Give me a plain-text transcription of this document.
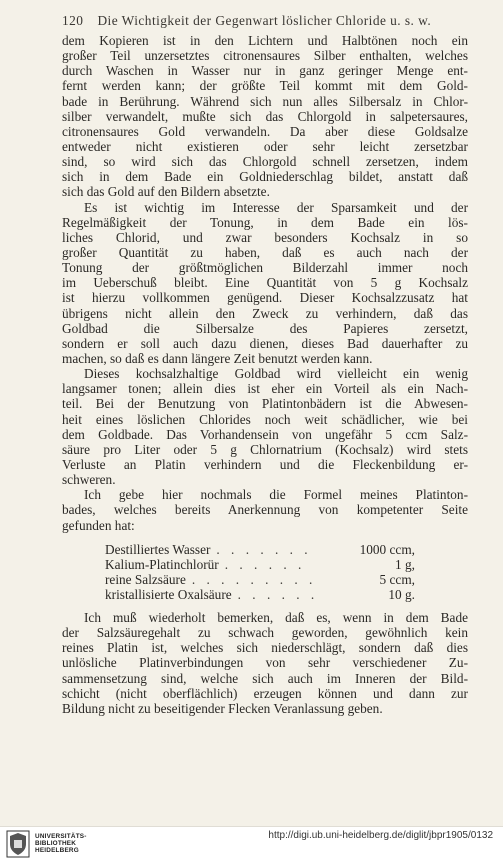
120 Die Wichtigkeit der Gegenwart löslicher Chloride u. s. w.
dem Kopieren ist in den Lichtern und Halbtönen noch ein
großer Teil unzersetztes citronensaures Silber enthalten, welches
durch Waschen in Wasser nur in ganz geringer Menge ent-
fernt werden kann; der größte Teil kommt mit dem Gold-
bade in Berührung. Während sich nun alles Silbersalz in Chlor-
silber verwandelt, mußte sich das Chlorgold in salpetersaures,
citronensaures Gold verwandeln. Da aber diese Goldsalze
entweder nicht existieren oder sehr leicht zersetzbar
sind, so wird sich das Chlorgold schnell zersetzen, indem
sich in dem Bade ein Goldniederschlag bildet, anstatt daß
sich das Gold auf den Bildern absetzte.
Es ist wichtig im Interesse der Sparsamkeit und der
Regelmäßigkeit der Tonung, in dem Bade ein lös-
liches Chlorid, und zwar besonders Kochsalz in so
großer Quantität zu haben, daß es auch nach der
Tonung der größtmöglichen Bilderzahl immer noch
im Ueberschuß bleibt. Eine Quantität von 5 g Kochsalz
ist hierzu vollkommen genügend. Dieser Kochsalzzusatz hat
übrigens nicht allein den Zweck zu verhindern, daß das
Goldbad die Silbersalze des Papieres zersetzt,
sondern er soll auch dazu dienen, dieses Bad dauerhafter zu
machen, so daß es dann längere Zeit benutzt werden kann.
Dieses kochsalzhaltige Goldbad wird vielleicht ein wenig
langsamer tonen; allein dies ist eher ein Vorteil als ein Nach-
teil. Bei der Benutzung von Platintonbädern ist die Abwesen-
heit eines löslichen Chlorides noch weit schädlicher, wie bei
dem Goldbade. Das Vorhandensein von ungefähr 5 ccm Salz-
säure pro Liter oder 5 g Chlornatrium (Kochsalz) wird stets
Verluste an Platin verhindern und die Fleckenbildung er-
schweren.
Ich gebe hier nochmals die Formel meines Platinton-
bades, welches bereits Anerkennung von kompetenter Seite
gefunden hat:
Destilliertes Wasser . . . . . . .	1000 ccm,
Kalium-Platinchlorür . . . . . .	1 g,
reine Salzsäure . . . . . . . . .	5 ccm,
kristallisierte Oxalsäure . . . . . .	10 g.
Ich muß wiederholt bemerken, daß es, wenn in dem Bade
der Salzsäuregehalt zu schwach geworden, gewöhnlich kein
reines Platin ist, welches sich niederschlägt, sondern daß dies
unlösliche Platinverbindungen von sehr verschiedener Zu-
sammensetzung sind, welche sich auch im Inneren der Bild-
schicht (nicht oberflächlich) erzeugen können und dann zur
Bildung nicht zu beseitigender Flecken Veranlassung geben.
UNIVERSITÄTS-
BIBLIOTHEK
HEIDELBERG
http://digi.ub.uni-heidelberg.de/diglit/jbpr1905/0132
